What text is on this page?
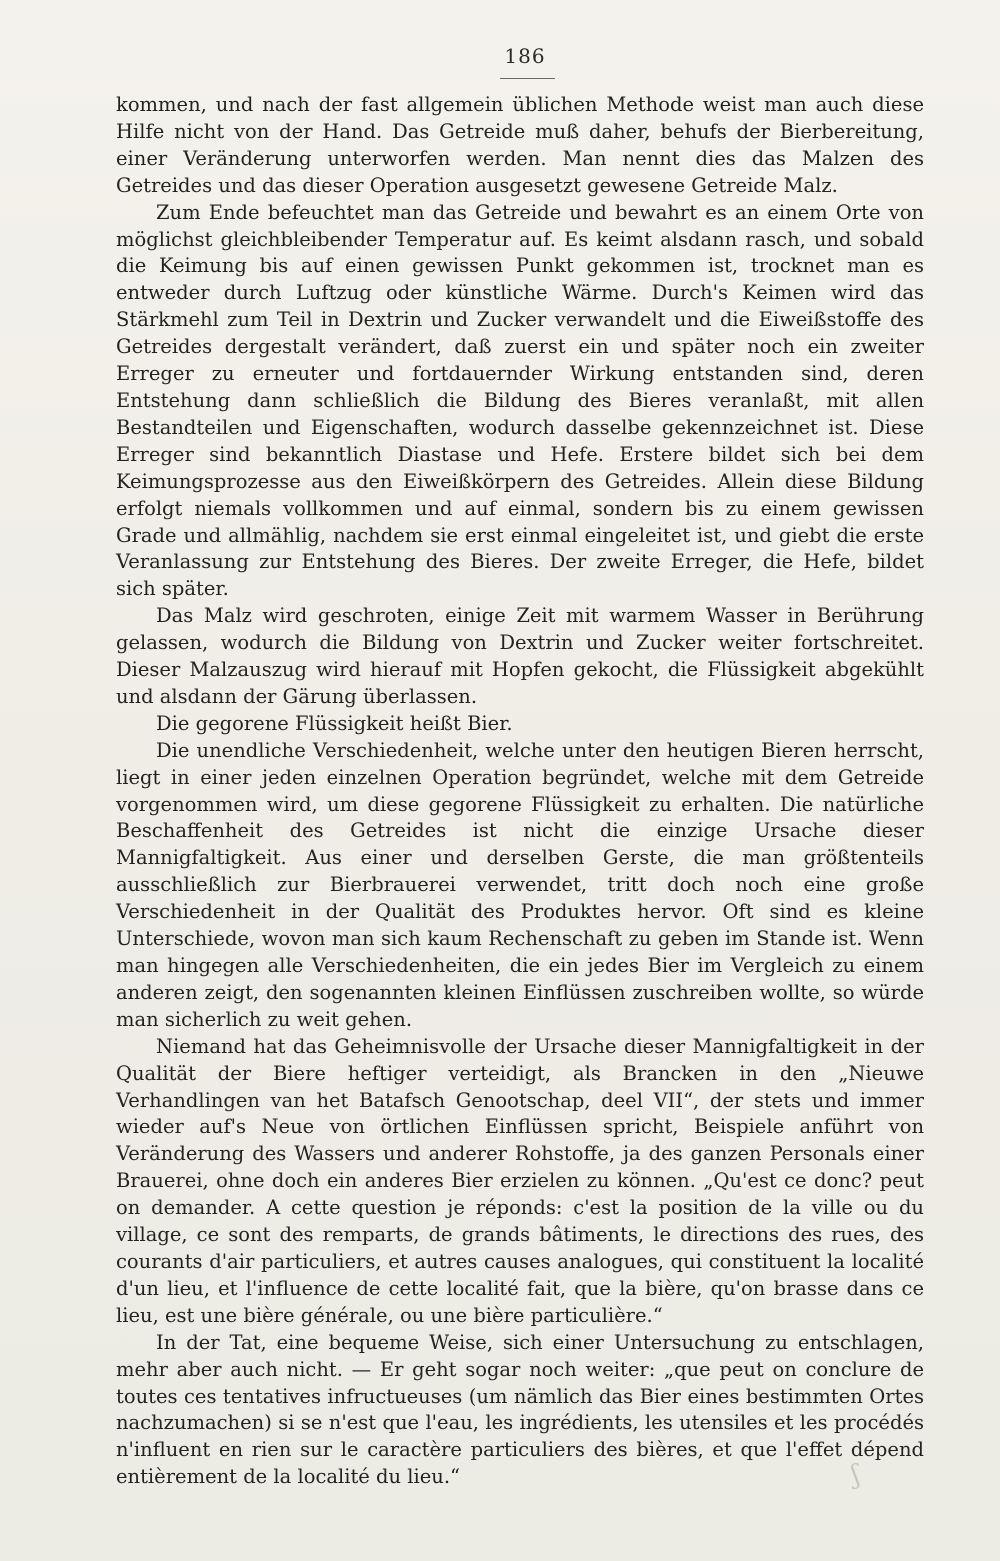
186

kommen, und nach der fast allgemein üblichen Methode weist man auch diese Hilfe nicht von der Hand. Das Getreide muß daher, behufs der Bierbereitung, einer Veränderung unterworfen werden. Man nennt dies das Malzen des Getreides und das dieser Operation ausgesetzt gewesene Getreide Malz.

Zum Ende befeuchtet man das Getreide und bewahrt es an einem Orte von möglichst gleichbleibender Temperatur auf. Es keimt alsdann rasch, und sobald die Keimung bis auf einen gewissen Punkt gekommen ist, trocknet man es entweder durch Luftzug oder künstliche Wärme. Durch's Keimen wird das Stärkmehl zum Teil in Dextrin und Zucker verwandelt und die Eiweißstoffe des Getreides dergestalt verändert, daß zuerst ein und später noch ein zweiter Erreger zu erneuter und fortdauernder Wirkung entstanden sind, deren Entstehung dann schließlich die Bildung des Bieres veranlaßt, mit allen Bestandteilen und Eigenschaften, wodurch dasselbe gekennzeichnet ist. Diese Erreger sind bekanntlich Diastase und Hefe. Erstere bildet sich bei dem Keimungsprozesse aus den Eiweißkörpern des Getreides. Allein diese Bildung erfolgt niemals vollkommen und auf einmal, sondern bis zu einem gewissen Grade und allmählig, nachdem sie erst einmal eingeleitet ist, und giebt die erste Veranlassung zur Entstehung des Bieres. Der zweite Erreger, die Hefe, bildet sich später.

Das Malz wird geschroten, einige Zeit mit warmem Wasser in Berührung gelassen, wodurch die Bildung von Dextrin und Zucker weiter fortschreitet. Dieser Malzauszug wird hierauf mit Hopfen gekocht, die Flüssigkeit abgekühlt und alsdann der Gärung überlassen.

Die gegorene Flüssigkeit heißt Bier.

Die unendliche Verschiedenheit, welche unter den heutigen Bieren herrscht, liegt in einer jeden einzelnen Operation begründet, welche mit dem Getreide vorgenommen wird, um diese gegorene Flüssigkeit zu erhalten. Die natürliche Beschaffenheit des Getreides ist nicht die einzige Ursache dieser Mannigfaltigkeit. Aus einer und derselben Gerste, die man größtenteils ausschließlich zur Bierbrauerei verwendet, tritt doch noch eine große Verschiedenheit in der Qualität des Produktes hervor. Oft sind es kleine Unterschiede, wovon man sich kaum Rechenschaft zu geben im Stande ist. Wenn man hingegen alle Verschiedenheiten, die ein jedes Bier im Vergleich zu einem anderen zeigt, den sogenannten kleinen Einflüssen zuschreiben wollte, so würde man sicherlich zu weit gehen.

Niemand hat das Geheimnisvolle der Ursache dieser Mannigfaltigkeit in der Qualität der Biere heftiger verteidigt, als Brancken in den „Nieuwe Verhandlingen van het Batafsch Genootschap, deel VII“, der stets und immer wieder auf's Neue von örtlichen Einflüssen spricht, Beispiele anführt von Veränderung des Wassers und anderer Rohstoffe, ja des ganzen Personals einer Brauerei, ohne doch ein anderes Bier erzielen zu können. „Qu'est ce donc? peut on demander. A cette question je réponds: c'est la position de la ville ou du village, ce sont des remparts, de grands bâtiments, le directions des rues, des courants d'air particuliers, et autres causes analogues, qui constituent la localité d'un lieu, et l'influence de cette localité fait, que la bière, qu'on brasse dans ce lieu, est une bière générale, ou une bière particulière.“

In der Tat, eine bequeme Weise, sich einer Untersuchung zu entschlagen, mehr aber auch nicht. — Er geht sogar noch weiter: „que peut on conclure de toutes ces tentatives infructueuses (um nämlich das Bier eines bestimmten Ortes nachzumachen) si se n'est que l'eau, les ingrédients, les utensiles et les procédés n'influent en rien sur le caractère particuliers des bières, et que l'effet dépend entièrement de la localité du lieu.“	ʃ
